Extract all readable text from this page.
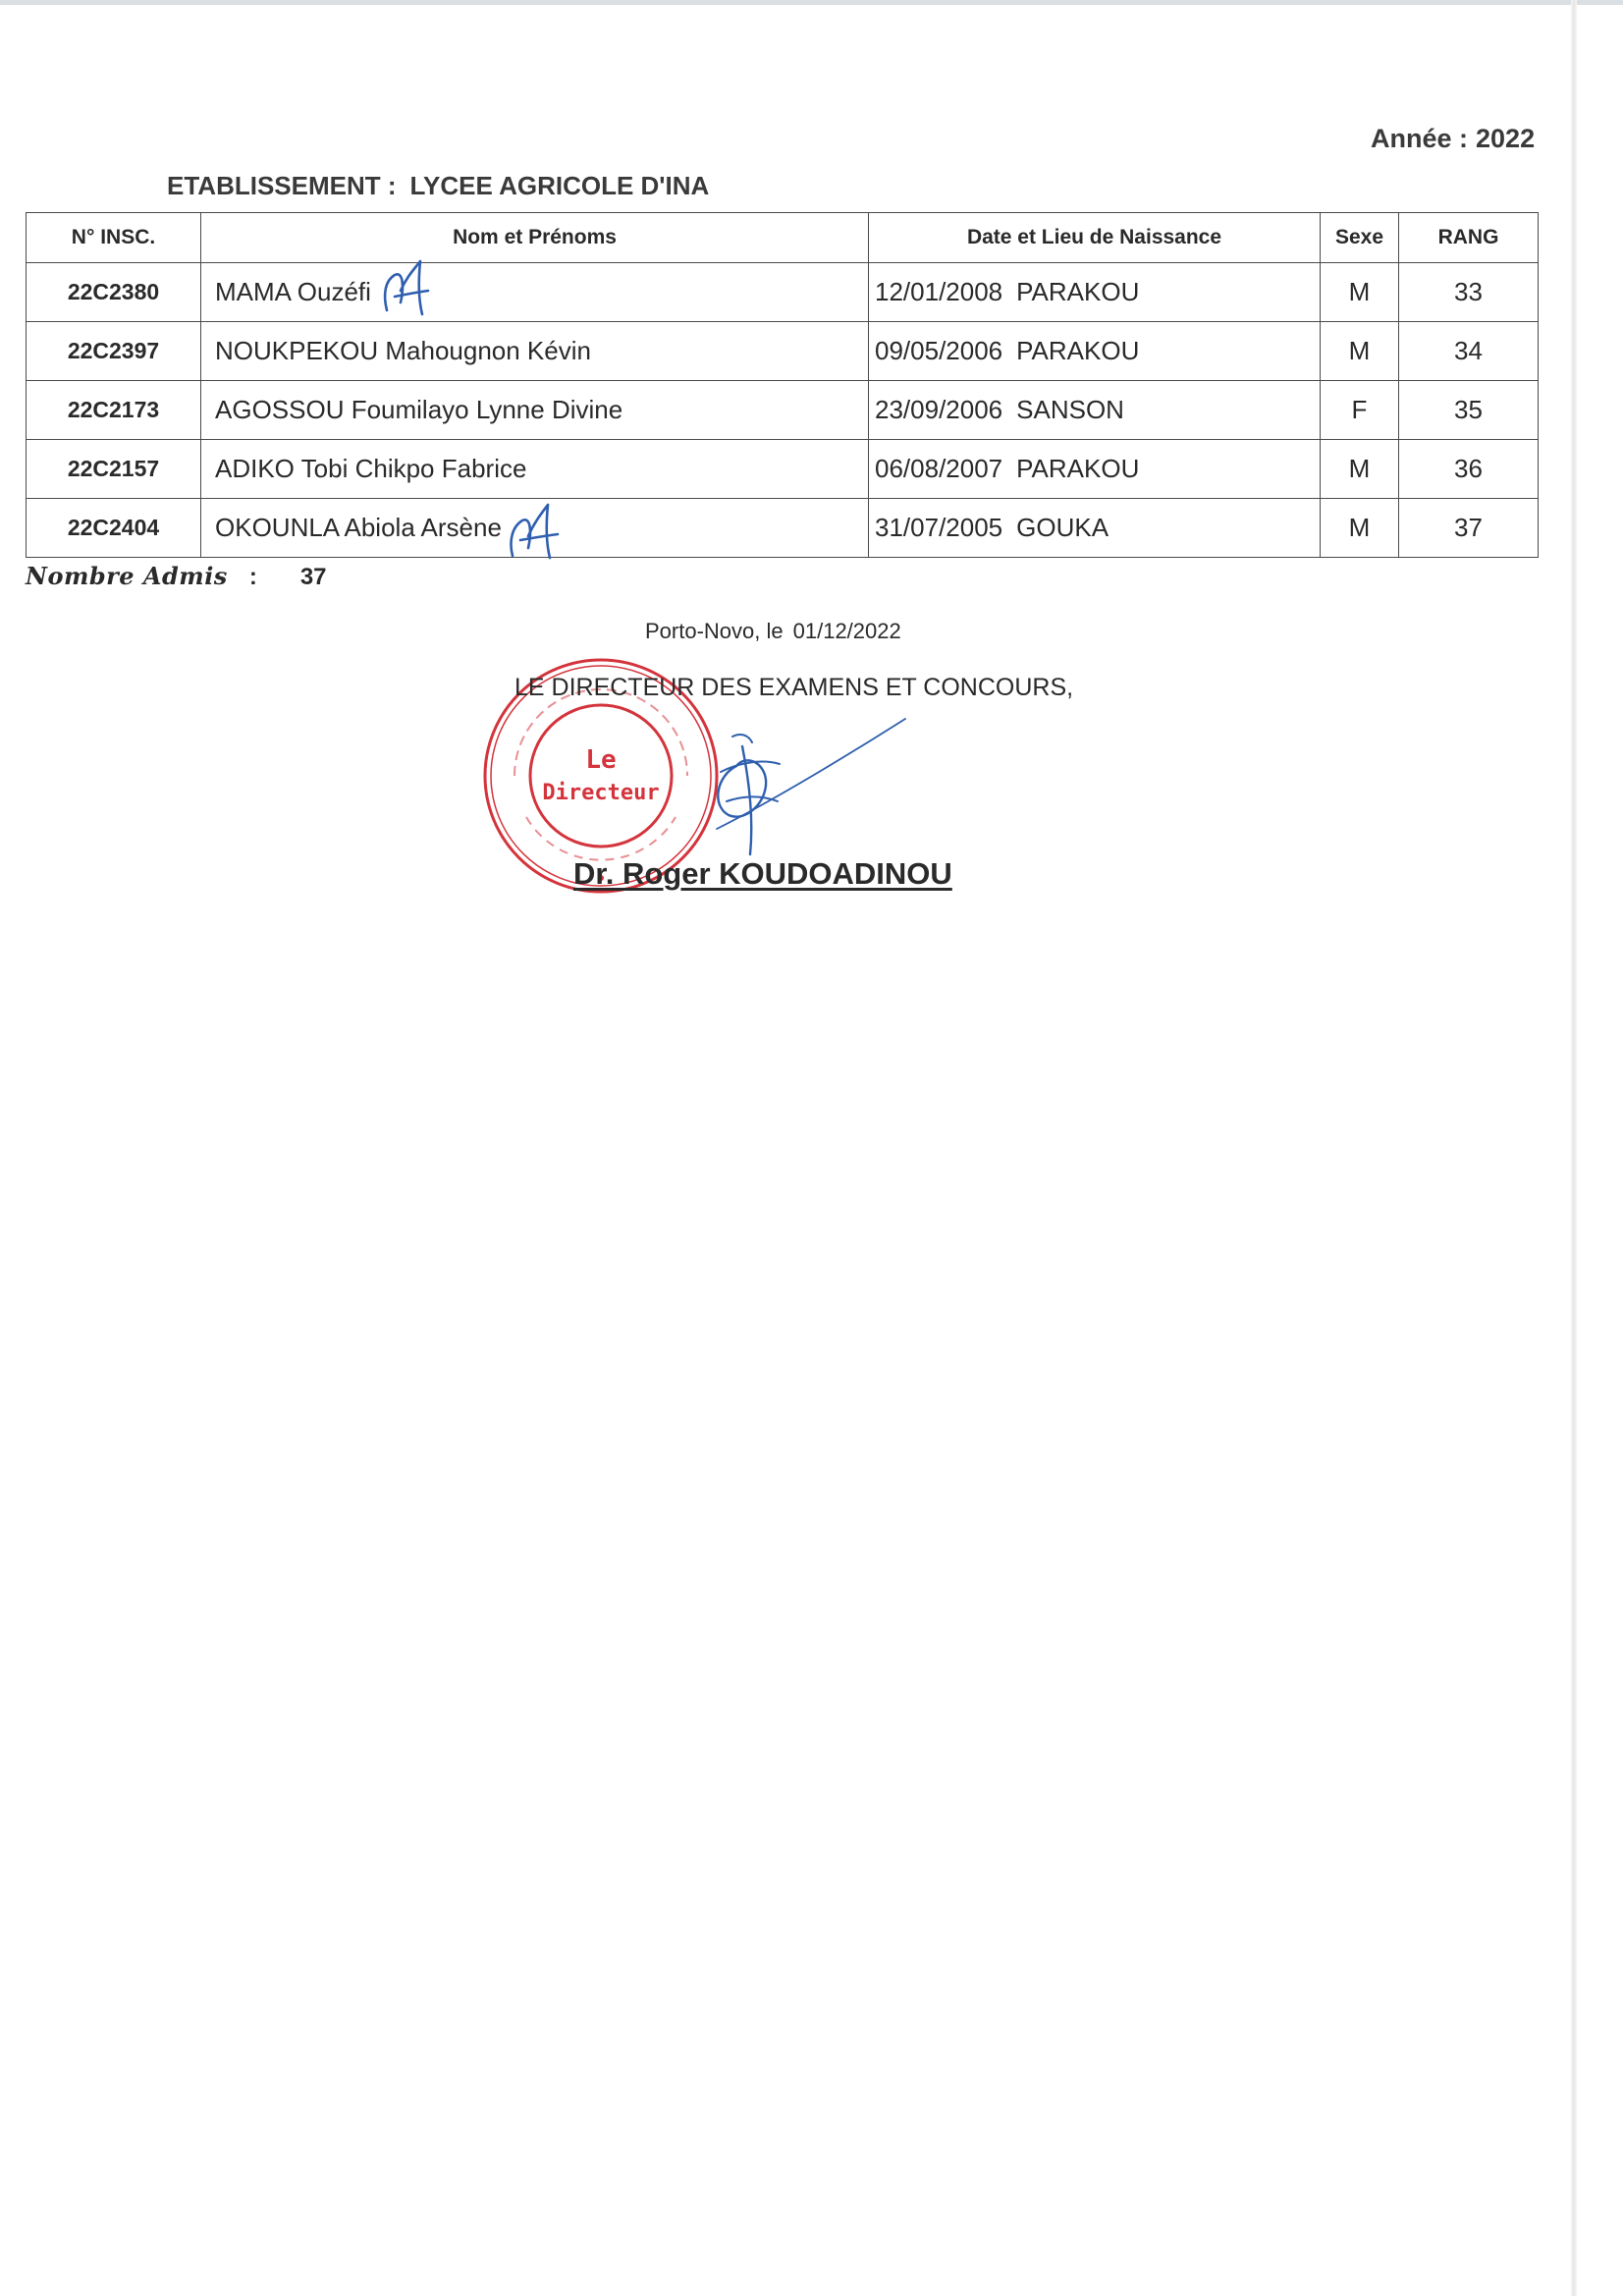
Année : 2022
ETABLISSEMENT : LYCEE AGRICOLE D'INA
N° INSC.	Nom et Prénoms	Date et Lieu de Naissance	Sexe	RANG
22C2380	MAMA Ouzéfi	12/01/2008 PARAKOU	M	33
22C2397	NOUKPEKOU Mahougnon Kévin	09/05/2006 PARAKOU	M	34
22C2173	AGOSSOU Foumilayo Lynne Divine	23/09/2006 SANSON	F	35
22C2157	ADIKO Tobi Chikpo Fabrice	06/08/2007 PARAKOU	M	36
22C2404	OKOUNLA Abiola Arsène	31/07/2005 GOUKA	M	37
Nombre Admis : 37
Porto-Novo, le 01/12/2022
Le
Directeur
LE DIRECTEUR DES EXAMENS ET CONCOURS,
Dr. Roger KOUDOADINOU
